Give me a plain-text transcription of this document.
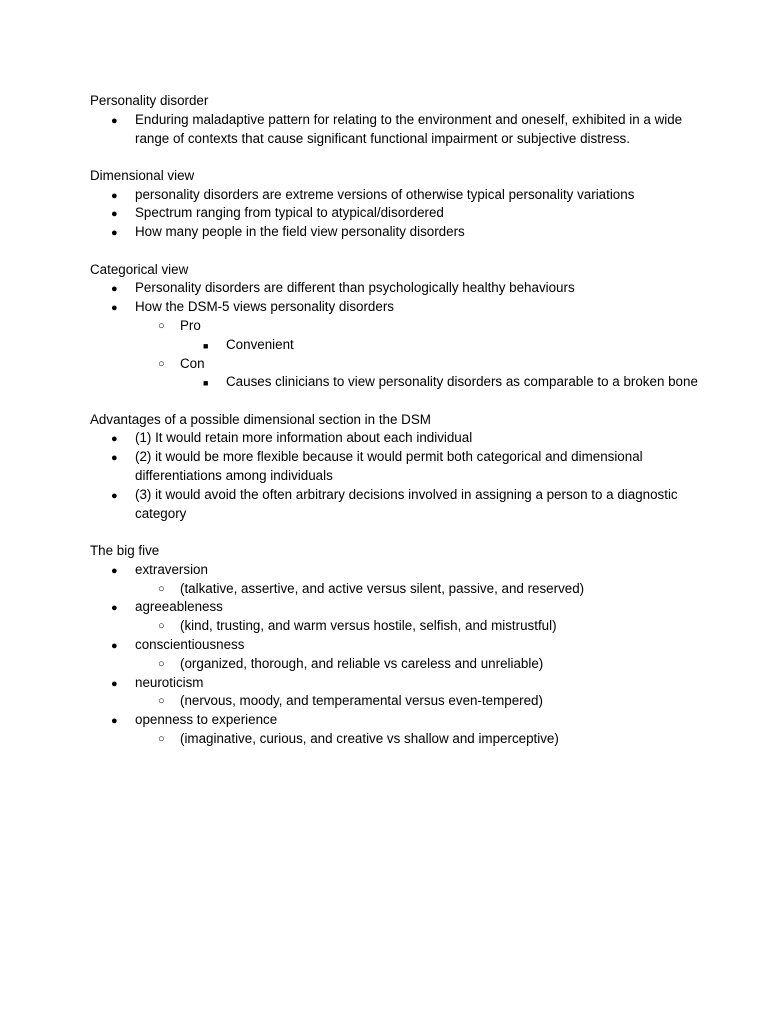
Personality disorder
● Enduring maladaptive pattern for relating to the environment and oneself, exhibited in a wide range of contexts that cause significant functional impairment or subjective distress.
Dimensional view
● personality disorders are extreme versions of otherwise typical personality variations
● Spectrum ranging from typical to atypical/disordered
● How many people in the field view personality disorders
Categorical view
● Personality disorders are different than psychologically healthy behaviours
● How the DSM-5 views personality disorders
○ Pro
■ Convenient
○ Con
■ Causes clinicians to view personality disorders as comparable to a broken bone
Advantages of a possible dimensional section in the DSM
● (1) It would retain more information about each individual
● (2) it would be more flexible because it would permit both categorical and dimensional differentiations among individuals
● (3) it would avoid the often arbitrary decisions involved in assigning a person to a diagnostic category
The big five
● extraversion
○ (talkative, assertive, and active versus silent, passive, and reserved)
● agreeableness
○ (kind, trusting, and warm versus hostile, selfish, and mistrustful)
● conscientiousness
○ (organized, thorough, and reliable vs careless and unreliable)
● neuroticism
○ (nervous, moody, and temperamental versus even-tempered)
● openness to experience
○ (imaginative, curious, and creative vs shallow and imperceptive)
